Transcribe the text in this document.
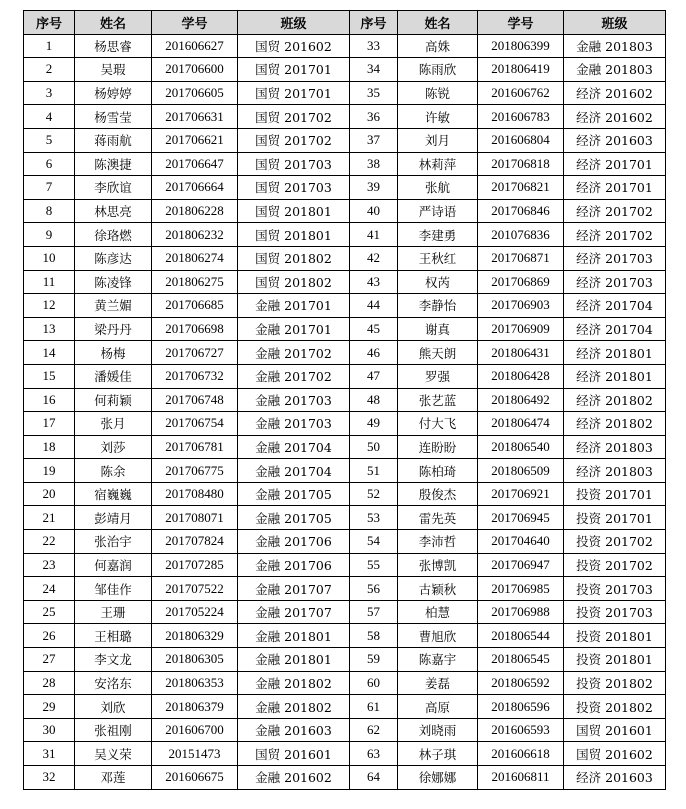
序号	姓名	学号	班级	序号	姓名	学号	班级
1	杨思睿	201606627	国贸 201602	33	高姝	201806399	金融 201803
2	吴瑕	201706600	国贸 201701	34	陈雨欣	201806419	金融 201803
3	杨婷婷	201706605	国贸 201701	35	陈锐	201606762	经济 201602
4	杨雪莹	201706631	国贸 201702	36	许敏	201606783	经济 201602
5	蒋雨航	201706621	国贸 201702	37	刘月	201606804	经济 201603
6	陈澳捷	201706647	国贸 201703	38	林莉萍	201706818	经济 201701
7	李欣谊	201706664	国贸 201703	39	张航	201706821	经济 201701
8	林思亮	201806228	国贸 201801	40	严诗语	201706846	经济 201702
9	徐珞燃	201806232	国贸 201801	41	李建勇	201076836	经济 201702
10	陈彦达	201806274	国贸 201802	42	王秋红	201706871	经济 201703
11	陈凌锋	201806275	国贸 201802	43	权芮	201706869	经济 201703
12	黄兰媚	201706685	金融 201701	44	李静怡	201706903	经济 201704
13	梁丹丹	201706698	金融 201701	45	谢真	201706909	经济 201704
14	杨梅	201706727	金融 201702	46	熊天朗	201806431	经济 201801
15	潘媛佳	201706732	金融 201702	47	罗强	201806428	经济 201801
16	何莉颖	201706748	金融 201703	48	张艺蓝	201806492	经济 201802
17	张月	201706754	金融 201703	49	付大飞	201806474	经济 201802
18	刘莎	201706781	金融 201704	50	连盼盼	201806540	经济 201803
19	陈余	201706775	金融 201704	51	陈柏琦	201806509	经济 201803
20	宿巍巍	201708480	金融 201705	52	殷俊杰	201706921	投资 201701
21	彭靖月	201708071	金融 201705	53	雷先英	201706945	投资 201701
22	张治宇	201707824	金融 201706	54	李沛哲	201704640	投资 201702
23	何嘉润	201707285	金融 201706	55	张博凯	201706947	投资 201702
24	邹佳作	201707522	金融 201707	56	古颖秋	201706985	投资 201703
25	王珊	201705224	金融 201707	57	柏慧	201706988	投资 201703
26	王相璐	201806329	金融 201801	58	曹旭欣	201806544	投资 201801
27	李文龙	201806305	金融 201801	59	陈嘉宇	201806545	投资 201801
28	安洺东	201806353	金融 201802	60	姜磊	201806592	投资 201802
29	刘欣	201806379	金融 201802	61	高原	201806596	投资 201802
30	张祖刚	201606700	金融 201603	62	刘晓雨	201606593	国贸 201601
31	吴义荣	20151473	国贸 201601	63	林子琪	201606618	国贸 201602
32	邓莲	201606675	金融 201602	64	徐娜娜	201606811	经济 201603
